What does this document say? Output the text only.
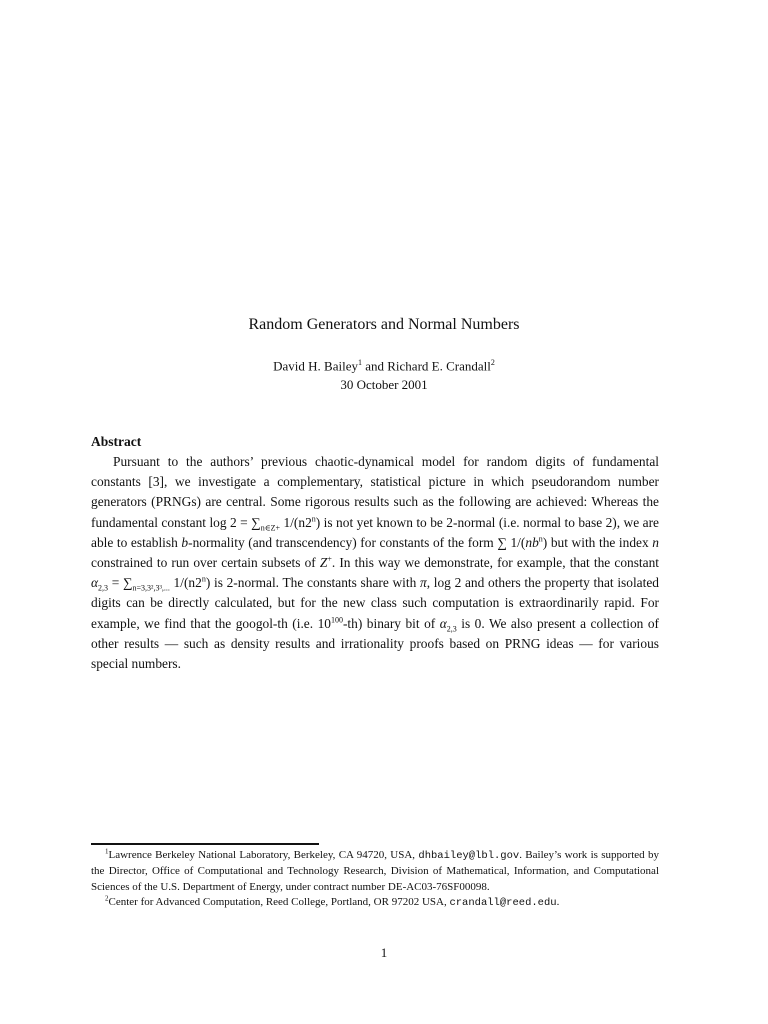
Random Generators and Normal Numbers
David H. Bailey$^1$ and Richard E. Crandall$^2$
30 October 2001
Abstract
Pursuant to the authors’ previous chaotic-dynamical model for random digits of fundamental constants [3], we investigate a complementary, statistical picture in which pseudorandom number generators (PRNGs) are central. Some rigorous results such as the following are achieved: Whereas the fundamental constant $\log 2 = \sum_{n\in Z+}$ 1/(n2$^n$) is not yet known to be 2-normal (i.e. normal to base 2), we are able to establish b-normality (and transcendency) for constants of the form ∑ $1/(nb^n)$ but with the index n constrained to run over certain subsets of Z+. In this way we demonstrate, for example, that the constant $\alpha_{2,3} = \sum_{n=3,3^2,3^3,...}$ 1/(n2$^n$) is 2-normal. The constants share with π, log 2 and others the property that isolated digits can be directly calculated, but for the new class such computation is extraordinarily rapid. For example, we find that the googol-th (i.e. $10^{100}-th$) binary bit of $\alpha_{2,3}$ is 0. We also present a collection of other results — such as density results and irrationality proofs based on PRNG ideas — for various special numbers.

$^1$Lawrence Berkeley National Laboratory, Berkeley, CA 94720, USA, dhbailey@lbl.gov. Bailey’s work is supported by the Director, Office of Computational and Technology Research, Division of Mathematical, Information, and Computational Sciences of the U.S. Department of Energy, under contract number DE-AC03-76SF00098.

$^2$Center for Advanced Computation, Reed College, Portland, OR 97202 USA, crandall@reed.edu.

1
